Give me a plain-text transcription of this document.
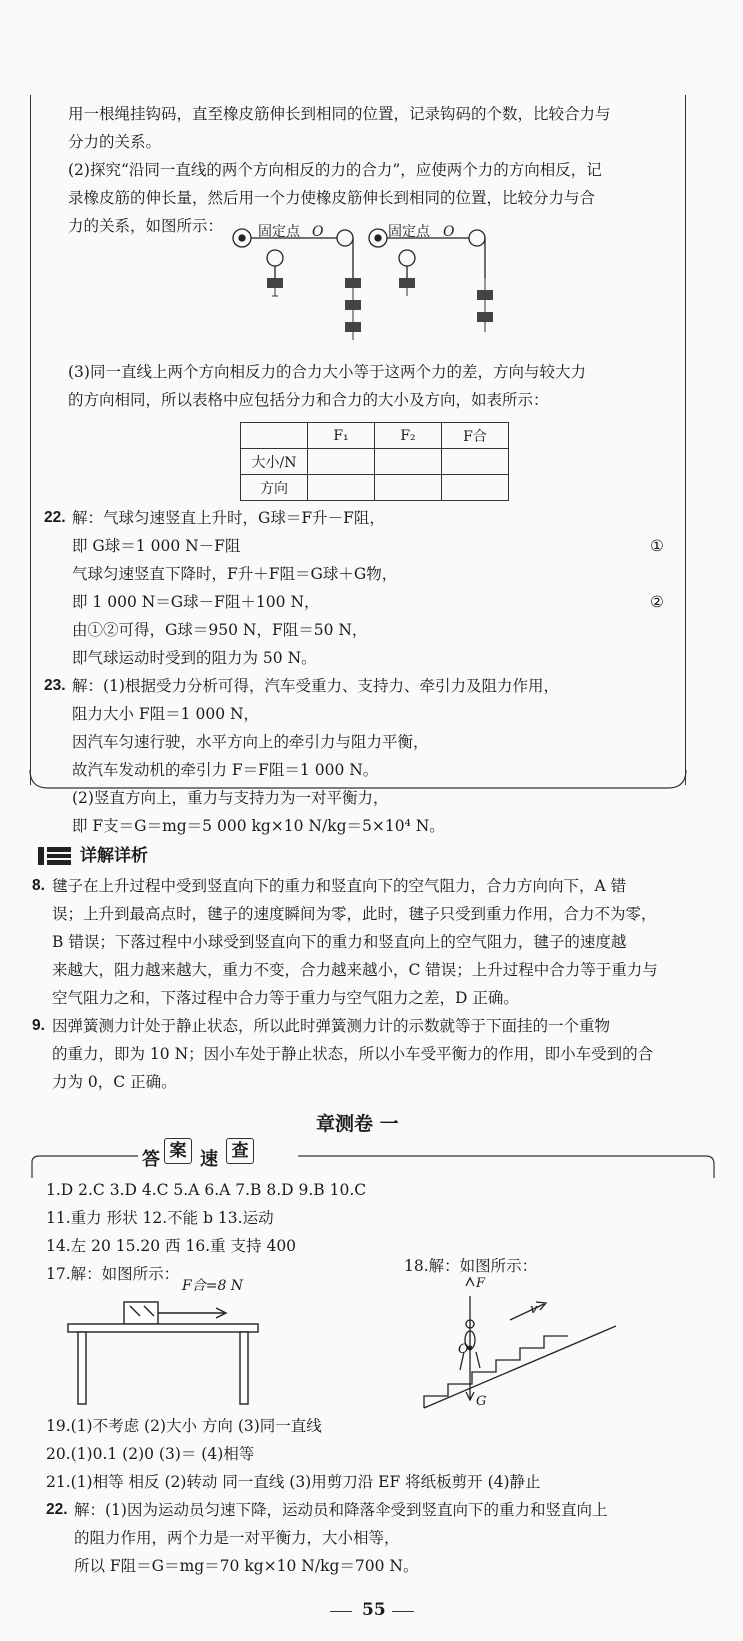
用一根绳挂钩码，直至橡皮筋伸长到相同的位置，记录钩码的个数，比较合力与
分力的关系。
(2)探究“沿同一直线的两个方向相反的力的合力”，应使两个力的方向相反，记
录橡皮筋的伸长量，然后用一个力使橡皮筋伸长到相同的位置，比较分力与合
力的关系，如图所示： 固定点 O	固定点 O
(3)同一直线上两个方向相反力的合力大小等于这两个力的差，方向与较大力
的方向相同，所以表格中应包括分力和合力的大小及方向，如表所示：
	F₁	F₂	F合
大小/N			
方向			
22. 解：气球匀速竖直上升时，G球＝F升－F阻，
即 G球＝1 000 N－F阻	①
气球匀速竖直下降时，F升＋F阻＝G球＋G物，
即 1 000 N＝G球－F阻＋100 N，	②
由①②可得，G球＝950 N，F阻＝50 N，
即气球运动时受到的阻力为 50 N。
23. 解：(1)根据受力分析可得，汽车受重力、支持力、牵引力及阻力作用，
阻力大小 F阻＝1 000 N，
因汽车匀速行驶，水平方向上的牵引力与阻力平衡，
故汽车发动机的牵引力 F＝F阻＝1 000 N。
(2)竖直方向上，重力与支持力为一对平衡力，
即 F支＝G＝mg＝5 000 kg×10 N/kg＝5×10⁴ N。
详解详析
8. 毽子在上升过程中受到竖直向下的重力和竖直向下的空气阻力，合力方向向下，A 错
误；上升到最高点时，毽子的速度瞬间为零，此时，毽子只受到重力作用，合力不为零，
B 错误；下落过程中小球受到竖直向下的重力和竖直向上的空气阻力，毽子的速度越
来越大，阻力越来越大，重力不变，合力越来越小，C 错误；上升过程中合力等于重力与
空气阻力之和，下落过程中合力等于重力与空气阻力之差，D 正确。
9. 因弹簧测力计处于静止状态，所以此时弹簧测力计的示数就等于下面挂的一个重物
的重力，即为 10 N；因小车处于静止状态，所以小车受平衡力的作用，即小车受到的合
力为 0，C 正确。
章测卷 一
答 案 速 查
1.D 2.C 3.D 4.C 5.A 6.A 7.B 8.D 9.B 10.C
11.重力 形状 12.不能 b 13.运动
14.左 20 15.20 西 16.重 支持 400
17.解：如图所示：	18.解：如图所示：
F合=8 N	F
O
G
v
19.(1)不考虑 (2)大小 方向 (3)同一直线
20.(1)0.1 (2)0 (3)＝ (4)相等
21.(1)相等 相反 (2)转动 同一直线 (3)用剪刀沿 EF 将纸板剪开 (4)静止
22. 解：(1)因为运动员匀速下降，运动员和降落伞受到竖直向下的重力和竖直向上
的阻力作用，两个力是一对平衡力，大小相等，
所以 F阻＝G＝mg＝70 kg×10 N/kg＝700 N。
55
